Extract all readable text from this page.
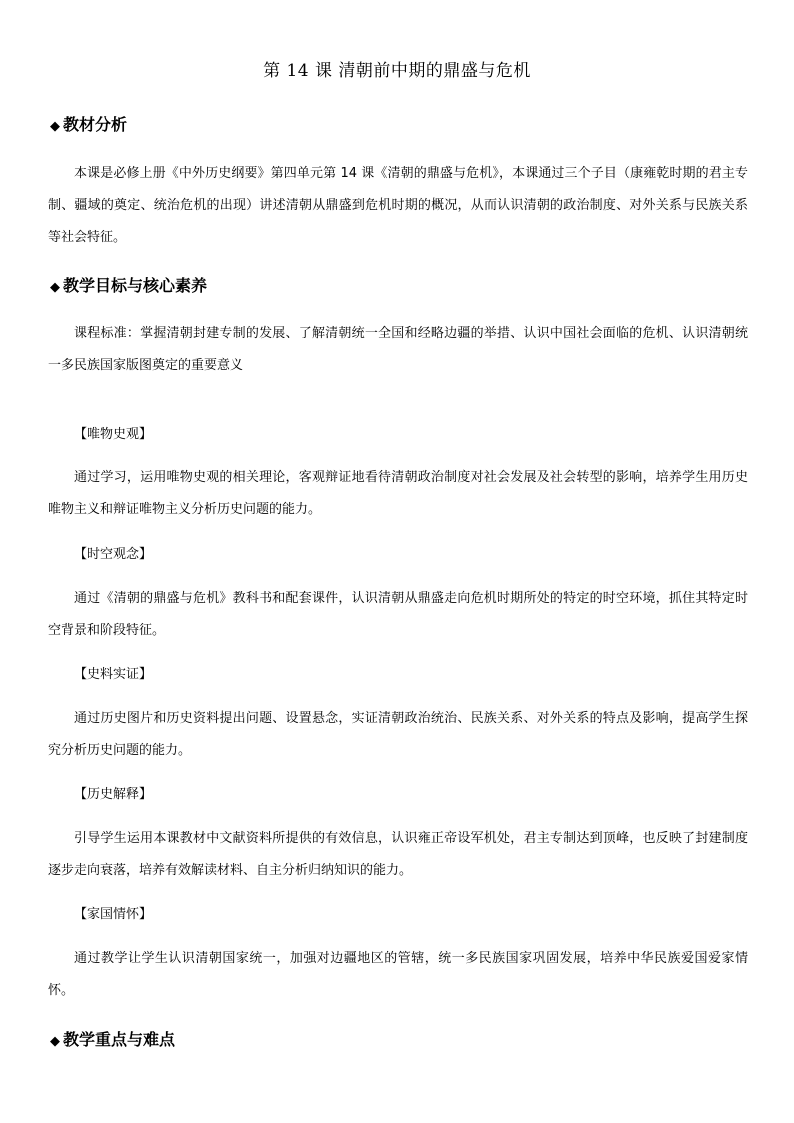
第 14 课 清朝前中期的鼎盛与危机
◆ 教材分析
本课是必修上册《中外历史纲要》第四单元第 14 课《清朝的鼎盛与危机》，本课通过三个子目（康雍乾时期的君主专制、疆域的奠定、统治危机的出现）讲述清朝从鼎盛到危机时期的概况，从而认识清朝的政治制度、对外关系与民族关系等社会特征。
◆ 教学目标与核心素养
课程标准：掌握清朝封建专制的发展、了解清朝统一全国和经略边疆的举措、认识中国社会面临的危机、认识清朝统一多民族国家版图奠定的重要意义
【唯物史观】
通过学习，运用唯物史观的相关理论，客观辩证地看待清朝政治制度对社会发展及社会转型的影响，培养学生用历史唯物主义和辩证唯物主义分析历史问题的能力。
【时空观念】
通过《清朝的鼎盛与危机》教科书和配套课件，认识清朝从鼎盛走向危机时期所处的特定的时空环境，抓住其特定时空背景和阶段特征。
【史料实证】
通过历史图片和历史资料提出问题、设置悬念，实证清朝政治统治、民族关系、对外关系的特点及影响，提高学生探究分析历史问题的能力。
【历史解释】
引导学生运用本课教材中文献资料所提供的有效信息，认识雍正帝设军机处，君主专制达到顶峰，也反映了封建制度逐步走向衰落，培养有效解读材料、自主分析归纳知识的能力。
【家国情怀】
通过教学让学生认识清朝国家统一，加强对边疆地区的管辖，统一多民族国家巩固发展，培养中华民族爱国爱家情怀。
◆ 教学重点与难点
